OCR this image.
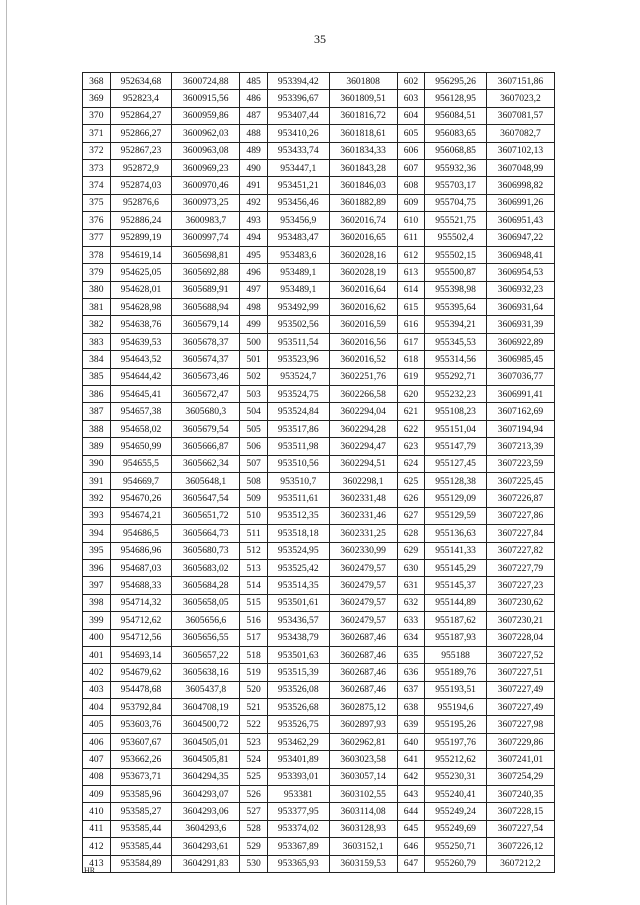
35
368	952634,68	3600724,88	485	953394,42	3601808	602	956295,26	3607151,86
369	952823,4	3600915,56	486	953396,67	3601809,51	603	956128,95	3607023,2
370	952864,27	3600959,86	487	953407,44	3601816,72	604	956084,51	3607081,57
371	952866,27	3600962,03	488	953410,26	3601818,61	605	956083,65	3607082,7
372	952867,23	3600963,08	489	953433,74	3601834,33	606	956068,85	3607102,13
373	952872,9	3600969,23	490	953447,1	3601843,28	607	955932,36	3607048,99
374	952874,03	3600970,46	491	953451,21	3601846,03	608	955703,17	3606998,82
375	952876,6	3600973,25	492	953456,46	3601882,89	609	955704,75	3606991,26
376	952886,24	3600983,7	493	953456,9	3602016,74	610	955521,75	3606951,43
377	952899,19	3600997,74	494	953483,47	3602016,65	611	955502,4	3606947,22
378	954619,14	3605698,81	495	953483,6	3602028,16	612	955502,15	3606948,41
379	954625,05	3605692,88	496	953489,1	3602028,19	613	955500,87	3606954,53
380	954628,01	3605689,91	497	953489,1	3602016,64	614	955398,98	3606932,23
381	954628,98	3605688,94	498	953492,99	3602016,62	615	955395,64	3606931,64
382	954638,76	3605679,14	499	953502,56	3602016,59	616	955394,21	3606931,39
383	954639,53	3605678,37	500	953511,54	3602016,56	617	955345,53	3606922,89
384	954643,52	3605674,37	501	953523,96	3602016,52	618	955314,56	3606985,45
385	954644,42	3605673,46	502	953524,7	3602251,76	619	955292,71	3607036,77
386	954645,41	3605672,47	503	953524,75	3602266,58	620	955232,23	3606991,41
387	954657,38	3605680,3	504	953524,84	3602294,04	621	955108,23	3607162,69
388	954658,02	3605679,54	505	953517,86	3602294,28	622	955151,04	3607194,94
389	954650,99	3605666,87	506	953511,98	3602294,47	623	955147,79	3607213,39
390	954655,5	3605662,34	507	953510,56	3602294,51	624	955127,45	3607223,59
391	954669,7	3605648,1	508	953510,7	3602298,1	625	955128,38	3607225,45
392	954670,26	3605647,54	509	953511,61	3602331,48	626	955129,09	3607226,87
393	954674,21	3605651,72	510	953512,35	3602331,46	627	955129,59	3607227,86
394	954686,5	3605664,73	511	953518,18	3602331,25	628	955136,63	3607227,84
395	954686,96	3605680,73	512	953524,95	3602330,99	629	955141,33	3607227,82
396	954687,03	3605683,02	513	953525,42	3602479,57	630	955145,29	3607227,79
397	954688,33	3605684,28	514	953514,35	3602479,57	631	955145,37	3607227,23
398	954714,32	3605658,05	515	953501,61	3602479,57	632	955144,89	3607230,62
399	954712,62	3605656,6	516	953436,57	3602479,57	633	955187,62	3607230,21
400	954712,56	3605656,55	517	953438,79	3602687,46	634	955187,93	3607228,04
401	954693,14	3605657,22	518	953501,63	3602687,46	635	955188	3607227,52
402	954679,62	3605638,16	519	953515,39	3602687,46	636	955189,76	3607227,51
403	954478,68	3605437,8	520	953526,08	3602687,46	637	955193,51	3607227,49
404	953792,84	3604708,19	521	953526,68	3602875,12	638	955194,6	3607227,49
405	953603,76	3604500,72	522	953526,75	3602897,93	639	955195,26	3607227,98
406	953607,67	3604505,01	523	953462,29	3602962,81	640	955197,76	3607229,86
407	953662,26	3604505,81	524	953401,89	3603023,58	641	955212,62	3607241,01
408	953673,71	3604294,35	525	953393,01	3603057,14	642	955230,31	3607254,29
409	953585,96	3604293,07	526	953381	3603102,55	643	955240,41	3607240,35
410	953585,27	3604293,06	527	953377,95	3603114,08	644	955249,24	3607228,15
411	953585,44	3604293,6	528	953374,02	3603128,93	645	955249,69	3607227,54
412	953585,44	3604293,61	529	953367,89	3603152,1	646	955250,71	3607226,12
413	953584,89	3604291,83	530	953365,93	3603159,53	647	955260,79	3607212,2
HR
